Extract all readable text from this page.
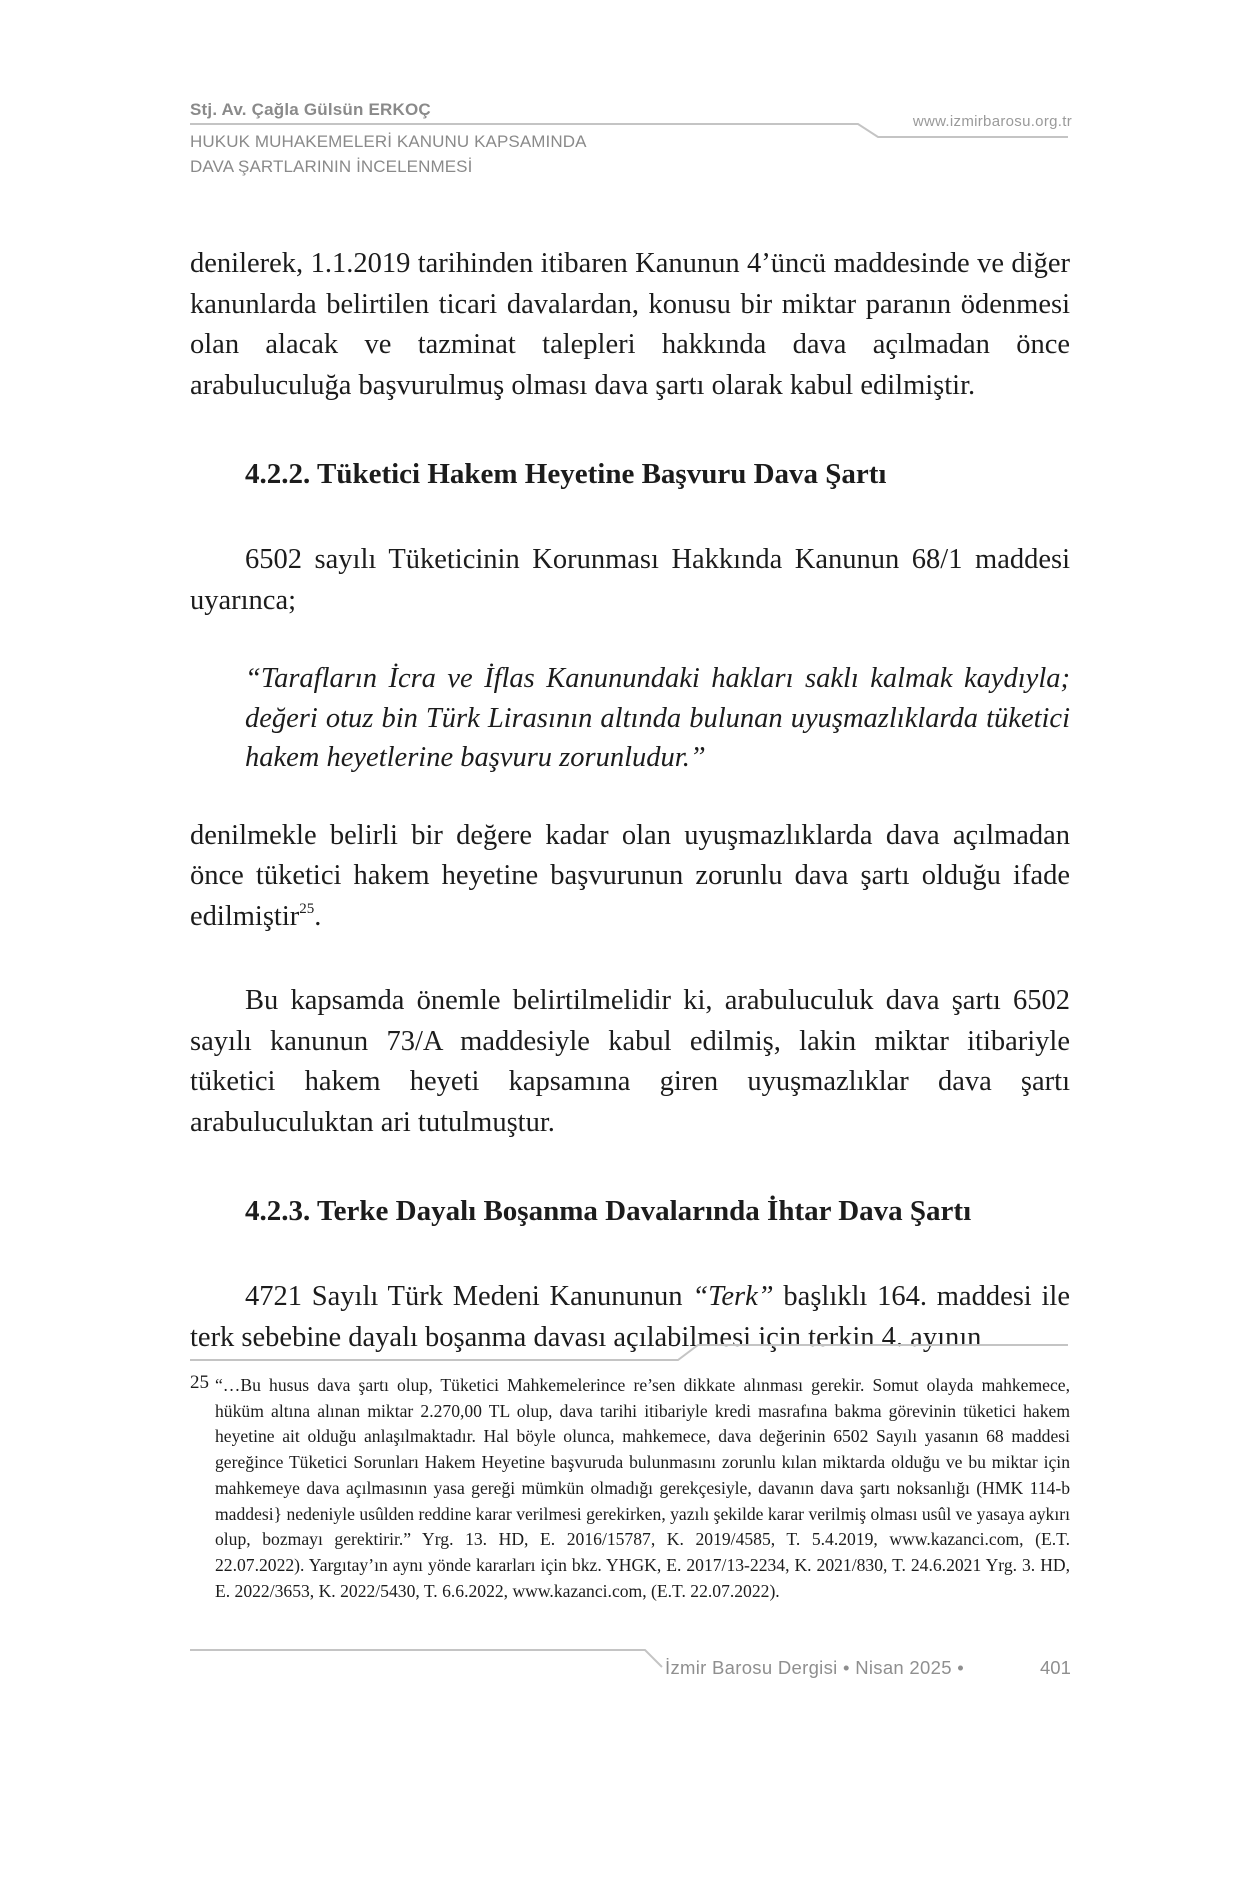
Stj. Av. Çağla Gülsün ERKOÇ
HUKUK MUHAKEMELERİ KANUNU KAPSAMINDA
DAVA ŞARTLARININ İNCELENMESİ
www.izmirbarosu.org.tr

denilerek, 1.1.2019 tarihinden itibaren Kanunun 4’üncü maddesinde ve diğer kanunlarda belirtilen ticari davalardan, konusu bir miktar paranın ödenmesi olan alacak ve tazminat talepleri hakkında dava açılmadan önce arabuluculuğa başvurulmuş olması dava şartı olarak kabul edilmiştir.

4.2.2. Tüketici Hakem Heyetine Başvuru Dava Şartı

6502 sayılı Tüketicinin Korunması Hakkında Kanunun 68/1 maddesi uyarınca;

“Tarafların İcra ve İflas Kanunundaki hakları saklı kalmak kaydıyla; değeri otuz bin Türk Lirasının altında bulunan uyuşmazlıklarda tüketici hakem heyetlerine başvuru zorunludur.”

denilmekle belirli bir değere kadar olan uyuşmazlıklarda dava açılmadan önce tüketici hakem heyetine başvurunun zorunlu dava şartı olduğu ifade edilmiştir$^{25}$.

Bu kapsamda önemle belirtilmelidir ki, arabuluculuk dava şartı 6502 sayılı kanunun 73/A maddesiyle kabul edilmiş, lakin miktar itibariyle tüketici hakem heyeti kapsamına giren uyuşmazlıklar dava şartı arabuluculuktan ari tutulmuştur.

4.2.3. Terke Dayalı Boşanma Davalarında İhtar Dava Şartı

4721 Sayılı Türk Medeni Kanununun “Terk” başlıklı 164. maddesi ile terk sebebine dayalı boşanma davası açılabilmesi için terkin 4. ayının

25 “…Bu husus dava şartı olup, Tüketici Mahkemelerince re’sen dikkate alınması gerekir. Somut olayda mahkemece, hüküm altına alınan miktar 2.270,00 TL olup, dava tarihi itibariyle kredi masrafına bakma görevinin tüketici hakem heyetine ait olduğu anlaşılmaktadır. Hal böyle olunca, mahkemece, dava değerinin 6502 Sayılı yasanın 68 maddesi gereğince Tüketici Sorunları Hakem Heyetine başvuruda bulunmasını zorunlu kılan miktarda olduğu ve bu miktar için mahkemeye dava açılmasının yasa gereği mümkün olmadığı gerekçesiyle, davanın dava şartı noksanlığı (HMK 114-b maddesi} nedeniyle usûlden reddine karar verilmesi gerekirken, yazılı şekilde karar verilmiş olması usûl ve yasaya aykırı olup, bozmayı gerektirir.” Yrg. 13. HD, E. 2016/15787, K. 2019/4585, T. 5.4.2019, www.kazanci.com, (E.T. 22.07.2022). Yargıtay’ın aynı yönde kararları için bkz. YHGK, E. 2017/13-2234, K. 2021/830, T. 24.6.2021 Yrg. 3. HD, E. 2022/3653, K. 2022/5430, T. 6.6.2022, www.kazanci.com, (E.T. 22.07.2022).
İzmir Barosu Dergisi • Nisan 2025 •	401
